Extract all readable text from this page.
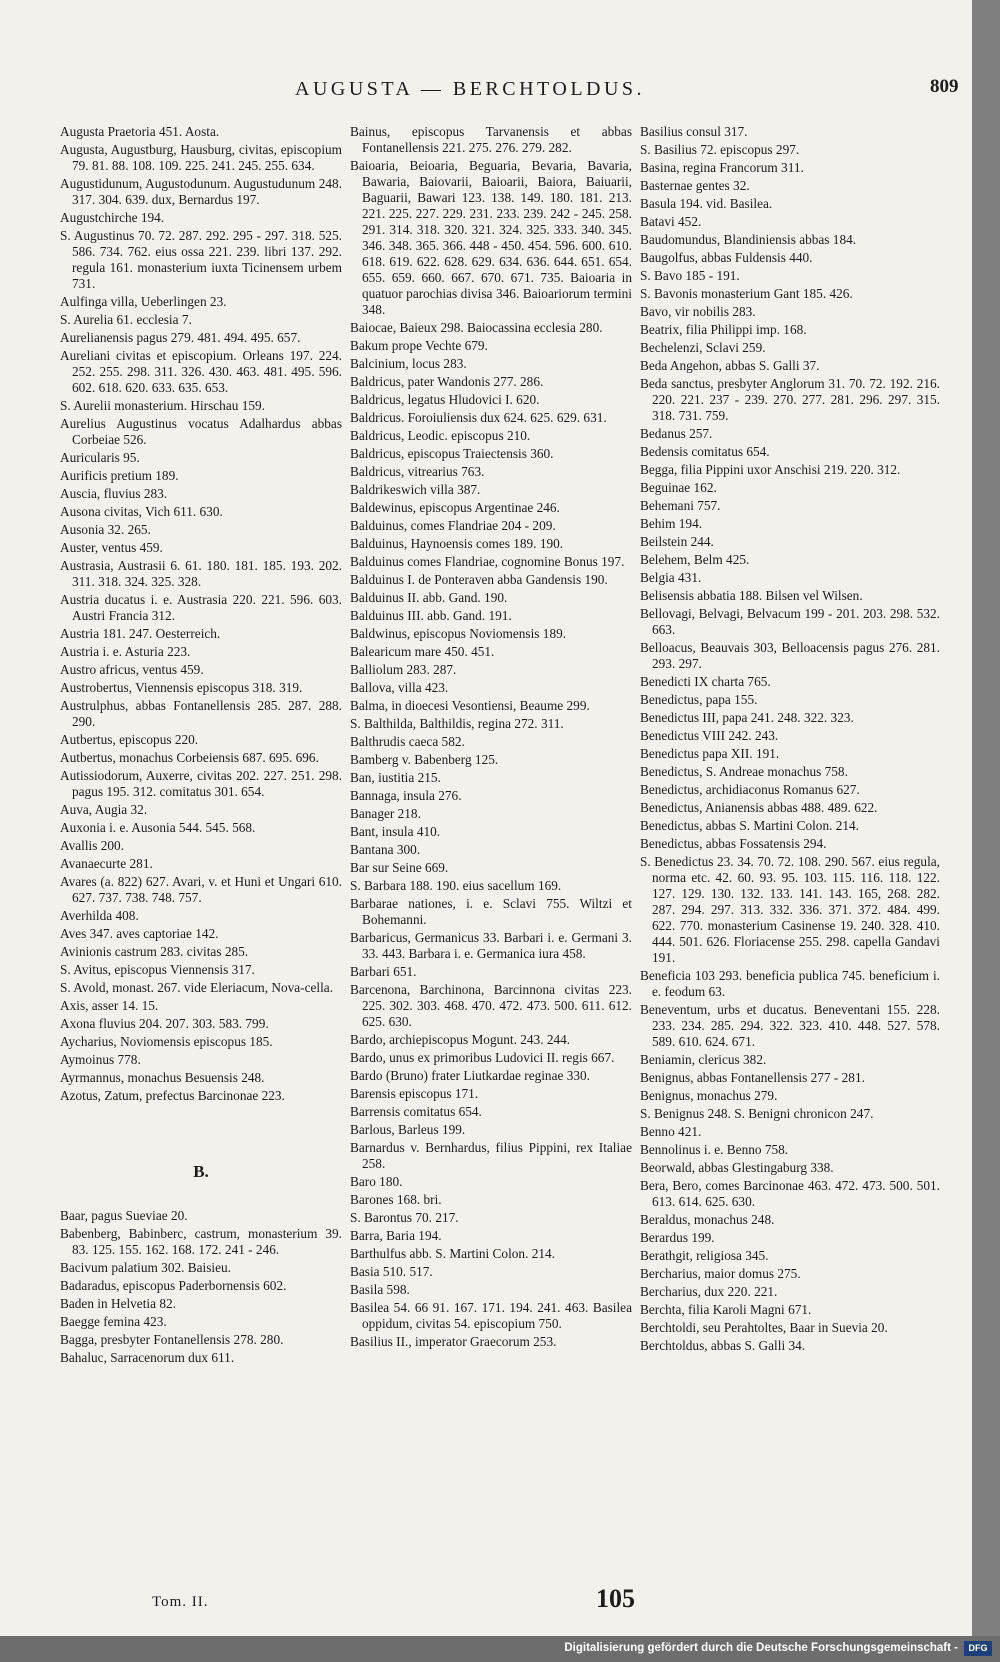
AUGUSTA — BERCHTOLDUS.	809

Augusta Praetoria 451. Aosta.

Augusta, Augustburg, Hausburg, civitas, episcopium 79. 81. 88. 108. 109. 225. 241. 245. 255. 634.

Augustidunum, Augustodunum. Augustudunum 248. 317. 304. 639. dux, Bernardus 197.

Augustchirche 194.

S. Augustinus 70. 72. 287. 292. 295 - 297. 318. 525. 586. 734. 762. eius ossa 221. 239. libri 137. 292. regula 161. monasterium iuxta Ticinensem urbem 731.

Aulfinga villa, Ueberlingen 23.

S. Aurelia 61. ecclesia 7.

Aurelianensis pagus 279. 481. 494. 495. 657.

Aureliani civitas et episcopium. Orleans 197. 224. 252. 255. 298. 311. 326. 430. 463. 481. 495. 596. 602. 618. 620. 633. 635. 653.

S. Aurelii monasterium. Hirschau 159.

Aurelius Augustinus vocatus Adalhardus abbas Corbeiae 526.

Auricularis 95.

Aurificis pretium 189.

Auscia, fluvius 283.

Ausona civitas, Vich 611. 630.

Ausonia 32. 265.

Auster, ventus 459.

Austrasia, Austrasii 6. 61. 180. 181. 185. 193. 202. 311. 318. 324. 325. 328.

Austria ducatus i. e. Austrasia 220. 221. 596. 603. Austri Francia 312.

Austria 181. 247. Oesterreich.

Austria i. e. Asturia 223.

Austro africus, ventus 459.

Austrobertus, Viennensis episcopus 318. 319.

Austrulphus, abbas Fontanellensis 285. 287. 288. 290.

Autbertus, episcopus 220.

Autbertus, monachus Corbeiensis 687. 695. 696.

Autissiodorum, Auxerre, civitas 202. 227. 251. 298. pagus 195. 312. comitatus 301. 654.

Auva, Augia 32.

Auxonia i. e. Ausonia 544. 545. 568.

Avallis 200.

Avanaecurte 281.

Avares (a. 822) 627. Avari, v. et Huni et Ungari 610. 627. 737. 738. 748. 757.

Averhilda 408.

Aves 347. aves captoriae 142.

Avinionis castrum 283. civitas 285.

S. Avitus, episcopus Viennensis 317.

S. Avold, monast. 267. vide Eleriacum, Nova-cella.

Axis, asser 14. 15.

Axona fluvius 204. 207. 303. 583. 799.

Aycharius, Noviomensis episcopus 185.

Aymoinus 778.

Ayrmannus, monachus Besuensis 248.

Azotus, Zatum, prefectus Barcinonae 223.

B.

Baar, pagus Sueviae 20.

Babenberg, Babinberc, castrum, monasterium 39. 83. 125. 155. 162. 168. 172. 241 - 246.

Bacivum palatium 302. Baisieu.

Badaradus, episcopus Paderbornensis 602.

Baden in Helvetia 82.

Baegge femina 423.

Bagga, presbyter Fontanellensis 278. 280.

Bahaluc, Sarracenorum dux 611.

Bainus, episcopus Tarvanensis et abbas Fontanellensis 221. 275. 276. 279. 282.

Baioaria, Beioaria, Beguaria, Bevaria, Bavaria, Bawaria, Baiovarii, Baioarii, Baiora, Baiuarii, Baguarii, Bawari 123. 138. 149. 180. 181. 213. 221. 225. 227. 229. 231. 233. 239. 242 - 245. 258. 291. 314. 318. 320. 321. 324. 325. 333. 340. 345. 346. 348. 365. 366. 448 - 450. 454. 596. 600. 610. 618. 619. 622. 628. 629. 634. 636. 644. 651. 654. 655. 659. 660. 667. 670. 671. 735. Baioaria in quatuor parochias divisa 346. Baioariorum termini 348.

Baiocae, Baieux 298. Baiocassina ecclesia 280.

Bakum prope Vechte 679.

Balcinium, locus 283.

Baldricus, pater Wandonis 277. 286.

Baldricus, legatus Hludovici I. 620.

Baldricus. Foroiuliensis dux 624. 625. 629. 631.

Baldricus, Leodic. episcopus 210.

Baldricus, episcopus Traiectensis 360.

Baldricus, vitrearius 763.

Baldrikeswich villa 387.

Baldewinus, episcopus Argentinae 246.

Balduinus, comes Flandriae 204 - 209.

Balduinus, Haynoensis comes 189. 190.

Balduinus comes Flandriae, cognomine Bonus 197.

Balduinus I. de Ponteraven abba Gandensis 190.

Balduinus II. abb. Gand. 190.

Balduinus III. abb. Gand. 191.

Baldwinus, episcopus Noviomensis 189.

Balearicum mare 450. 451.

Balliolum 283. 287.

Ballova, villa 423.

Balma, in dioecesi Vesontiensi, Beaume 299.

S. Balthilda, Balthildis, regina 272. 311.

Balthrudis caeca 582.

Bamberg v. Babenberg 125.

Ban, iustitia 215.

Bannaga, insula 276.

Banager 218.

Bant, insula 410.

Bantana 300.

Bar sur Seine 669.

S. Barbara 188. 190. eius sacellum 169.

Barbarae nationes, i. e. Sclavi 755. Wiltzi et Bohemanni.

Barbaricus, Germanicus 33. Barbari i. e. Germani 3. 33. 443. Barbara i. e. Germanica iura 458.

Barbari 651.

Barcenona, Barchinona, Barcinnona civitas 223. 225. 302. 303. 468. 470. 472. 473. 500. 611. 612. 625. 630.

Bardo, archiepiscopus Mogunt. 243. 244.

Bardo, unus ex primoribus Ludovici II. regis 667.

Bardo (Bruno) frater Liutkardae reginae 330.

Barensis episcopus 171.

Barrensis comitatus 654.

Barlous, Barleus 199.

Barnardus v. Bernhardus, filius Pippini, rex Italiae 258.

Baro 180.

Barones 168. bri.

S. Barontus 70. 217.

Barra, Baria 194.

Barthulfus abb. S. Martini Colon. 214.

Basia 510. 517.

Basila 598.

Basilea 54. 66 91. 167. 171. 194. 241. 463. Basilea oppidum, civitas 54. episcopium 750.

Basilius II., imperator Graecorum 253.

Basilius consul 317.

S. Basilius 72. episcopus 297.

Basina, regina Francorum 311.

Basternae gentes 32.

Basula 194. vid. Basilea.

Batavi 452.

Baudomundus, Blandiniensis abbas 184.

Baugolfus, abbas Fuldensis 440.

S. Bavo 185 - 191.

S. Bavonis monasterium Gant 185. 426.

Bavo, vir nobilis 283.

Beatrix, filia Philippi imp. 168.

Bechelenzi, Sclavi 259.

Beda Angehon, abbas S. Galli 37.

Beda sanctus, presbyter Anglorum 31. 70. 72. 192. 216. 220. 221. 237 - 239. 270. 277. 281. 296. 297. 315. 318. 731. 759.

Bedanus 257.

Bedensis comitatus 654.

Begga, filia Pippini uxor Anschisi 219. 220. 312.

Beguinae 162.

Behemani 757.

Behim 194.

Beilstein 244.

Belehem, Belm 425.

Belgia 431.

Belisensis abbatia 188. Bilsen vel Wilsen.

Bellovagi, Belvagi, Belvacum 199 - 201. 203. 298. 532. 663.

Belloacus, Beauvais 303, Belloacensis pagus 276. 281. 293. 297.

Benedicti IX charta 765.

Benedictus, papa 155.

Benedictus III, papa 241. 248. 322. 323.

Benedictus VIII 242. 243.

Benedictus papa XII. 191.

Benedictus, S. Andreae monachus 758.

Benedictus, archidiaconus Romanus 627.

Benedictus, Anianensis abbas 488. 489. 622.

Benedictus, abbas S. Martini Colon. 214.

Benedictus, abbas Fossatensis 294.

S. Benedictus 23. 34. 70. 72. 108. 290. 567. eius regula, norma etc. 42. 60. 93. 95. 103. 115. 116. 118. 122. 127. 129. 130. 132. 133. 141. 143. 165, 268. 282. 287. 294. 297. 313. 332. 336. 371. 372. 484. 499. 622. 770. monasterium Casinense 19. 240. 328. 410. 444. 501. 626. Floriacense 255. 298. capella Gandavi 191.

Beneficia 103 293. beneficia publica 745. beneficium i. e. feodum 63.

Beneventum, urbs et ducatus. Beneventani 155. 228. 233. 234. 285. 294. 322. 323. 410. 448. 527. 578. 589. 610. 624. 671.

Beniamin, clericus 382.

Benignus, abbas Fontanellensis 277 - 281.

Benignus, monachus 279.

S. Benignus 248. S. Benigni chronicon 247.

Benno 421.

Bennolinus i. e. Benno 758.

Beorwald, abbas Glestingaburg 338.

Bera, Bero, comes Barcinonae 463. 472. 473. 500. 501. 613. 614. 625. 630.

Beraldus, monachus 248.

Berardus 199.

Berathgit, religiosa 345.

Bercharius, maior domus 275.

Bercharius, dux 220. 221.

Berchta, filia Karoli Magni 671.

Berchtoldi, seu Perahtoltes, Baar in Suevia 20.

Berchtoldus, abbas S. Galli 34.

Tom. II.	105
Digitalisierung gefördert durch die Deutsche Forschungsgemeinschaft -	DFG
